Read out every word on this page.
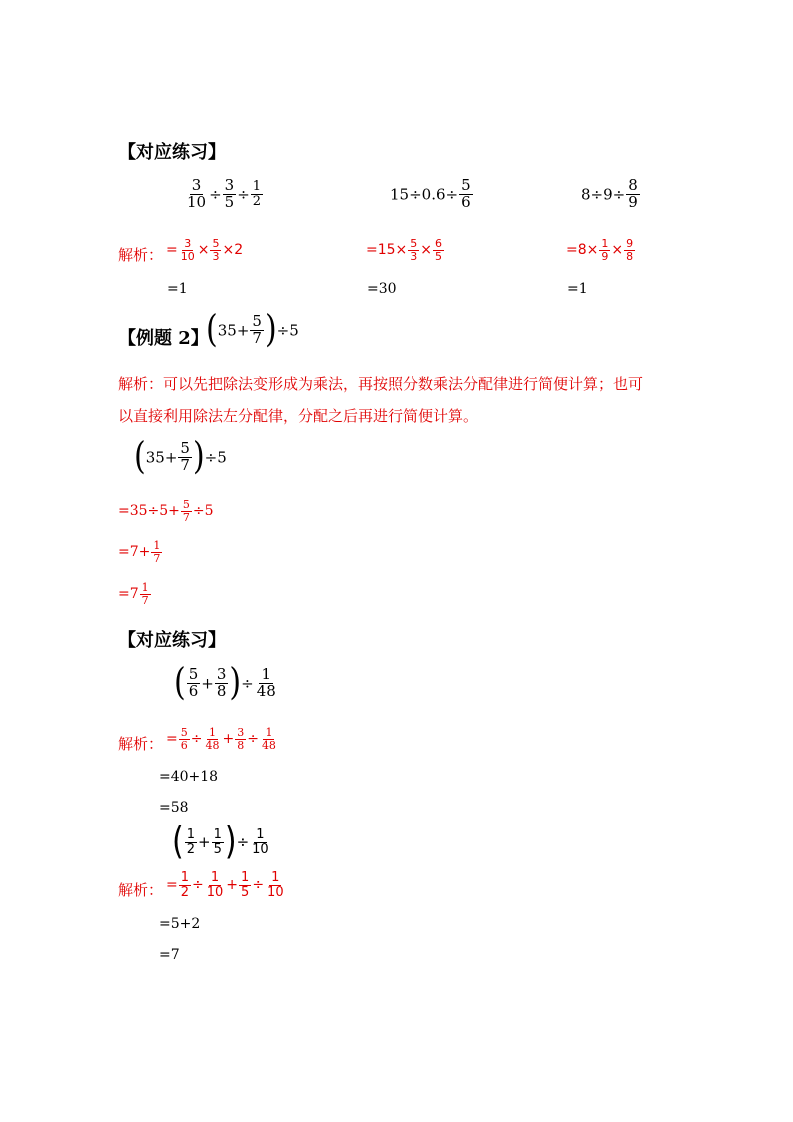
【对应练习】
$\frac{3}{10} \div \frac{3}{5} \div \frac{1}{2}$	$15\div 0.6\div \frac{5}{6}$	$8\div 9\div \frac{8}{9}$
解析： = $\frac{3}{10} \times \frac{5}{3} \times 2$	$=15\times \frac{5}{3} \times \frac{6}{5}$	$=8\times \frac{1}{9} \times \frac{9}{8}$
=1	=30	=1
【例题 2】
$(35+ \frac{5}{7} )\div 5$
解析：可以先把除法变形成为乘法，再按照分数乘法分配律进行简便计算；也可
以直接利用除法左分配律，分配之后再进行简便计算。
$(35+ \frac{5}{7} )\div 5$
$=35\div 5+ \frac{5}{7} \div 5$
$=7+ \frac{1}{7}$
$=7 \frac{1}{7}$
【对应练习】
( $\frac{5}{6} + \frac{3}{8}$ )÷ $\frac{1}{48}$
解析： = $\frac{5}{6} \div \frac{1}{48} + \frac{3}{8} \div \frac{1}{48}$
=40+18
=58
( $\frac{1}{2} + \frac{1}{5}$ )÷ $\frac{1}{10}$
解析： = $\frac{1}{2} \div \frac{1}{10} + \frac{1}{5} \div \frac{1}{10}$
=5+2
=7
